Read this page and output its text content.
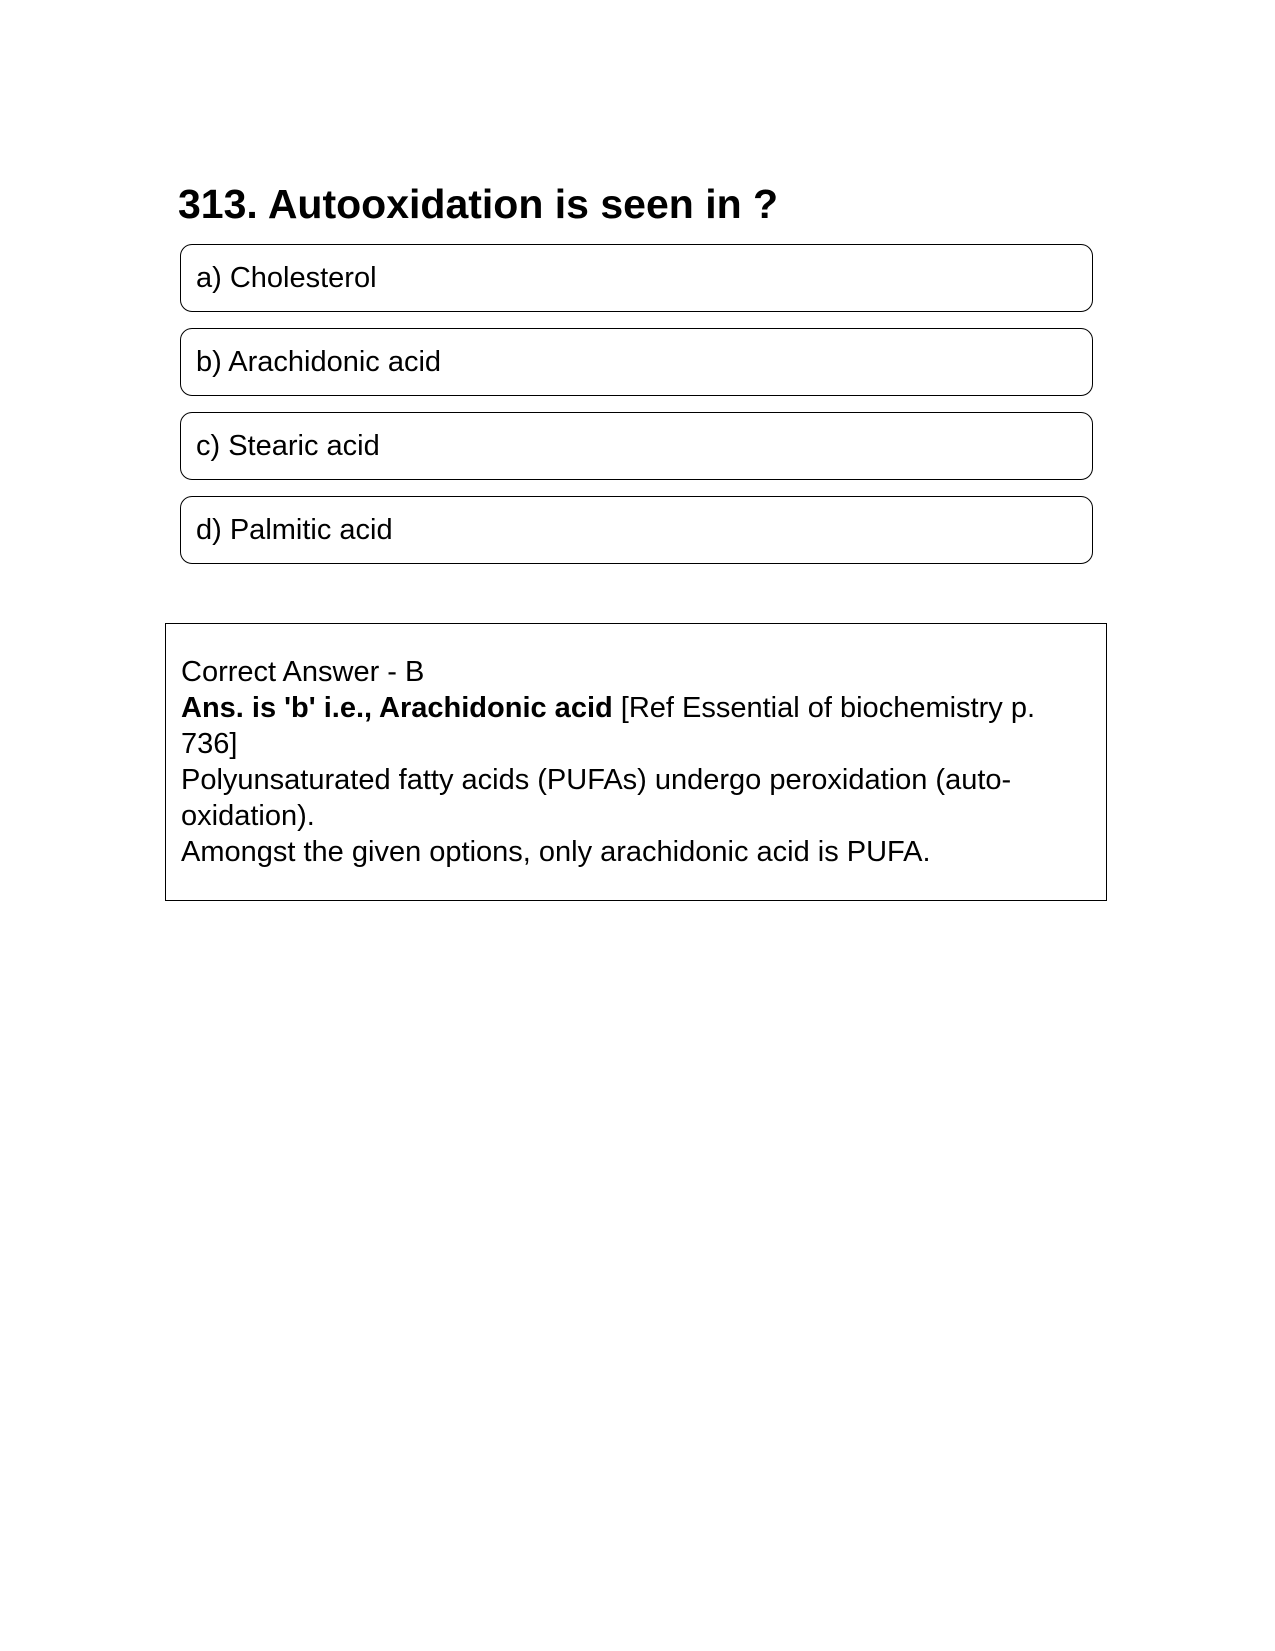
313. Autooxidation is seen in ?
a) Cholesterol
b) Arachidonic acid
c) Stearic acid
d) Palmitic acid

Correct Answer - B

Ans. is 'b' i.e., Arachidonic acid [Ref Essential of biochemistry p. 736]

Polyunsaturated fatty acids (PUFAs) undergo peroxidation (auto-oxidation).

Amongst the given options, only arachidonic acid is PUFA.
